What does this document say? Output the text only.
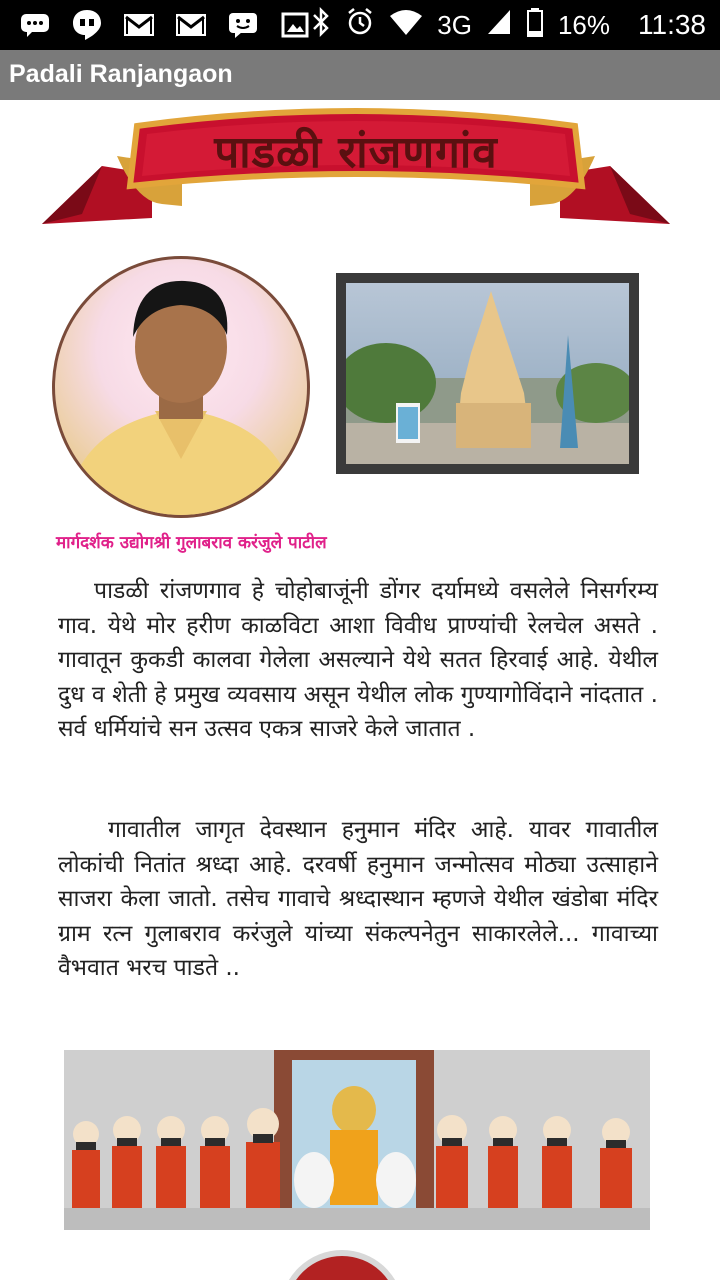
3G	16% 11:38
Padali Ranjangaon
पाडळी रांजणगांव
मार्गदर्शक उद्योगश्री गुलाबराव करंजुले पाटील
पाडळी रांजणगाव हे चोहोबाजूंनी डोंगर दर्यामध्ये वसलेले निसर्गरम्य गाव. येथे मोर हरीण काळविटा आशा विवीध प्राण्यांची रेलचेल असते . गावातून कुकडी कालवा गेलेला असल्याने येथे सतत हिरवाई आहे. येथील दुध व शेती हे प्रमुख व्यवसाय असून येथील लोक गुण्यागोविंदाने नांदतात . सर्व धर्मियांचे सन उत्सव एकत्र साजरे केले जातात .
गावातील जागृत देवस्थान हनुमान मंदिर आहे. यावर गावातील लोकांची नितांत श्रध्दा आहे. दरवर्षी हनुमान जन्मोत्सव मोठ्या उत्साहाने साजरा केला जातो. तसेच गावाचे श्रध्दास्थान म्हणजे येथील खंडोबा मंदिर ग्राम रत्न गुलाबराव करंजुले यांच्या संकल्पनेतुन साकारलेले... गावाच्या वैभवात भरच पाडते ..
